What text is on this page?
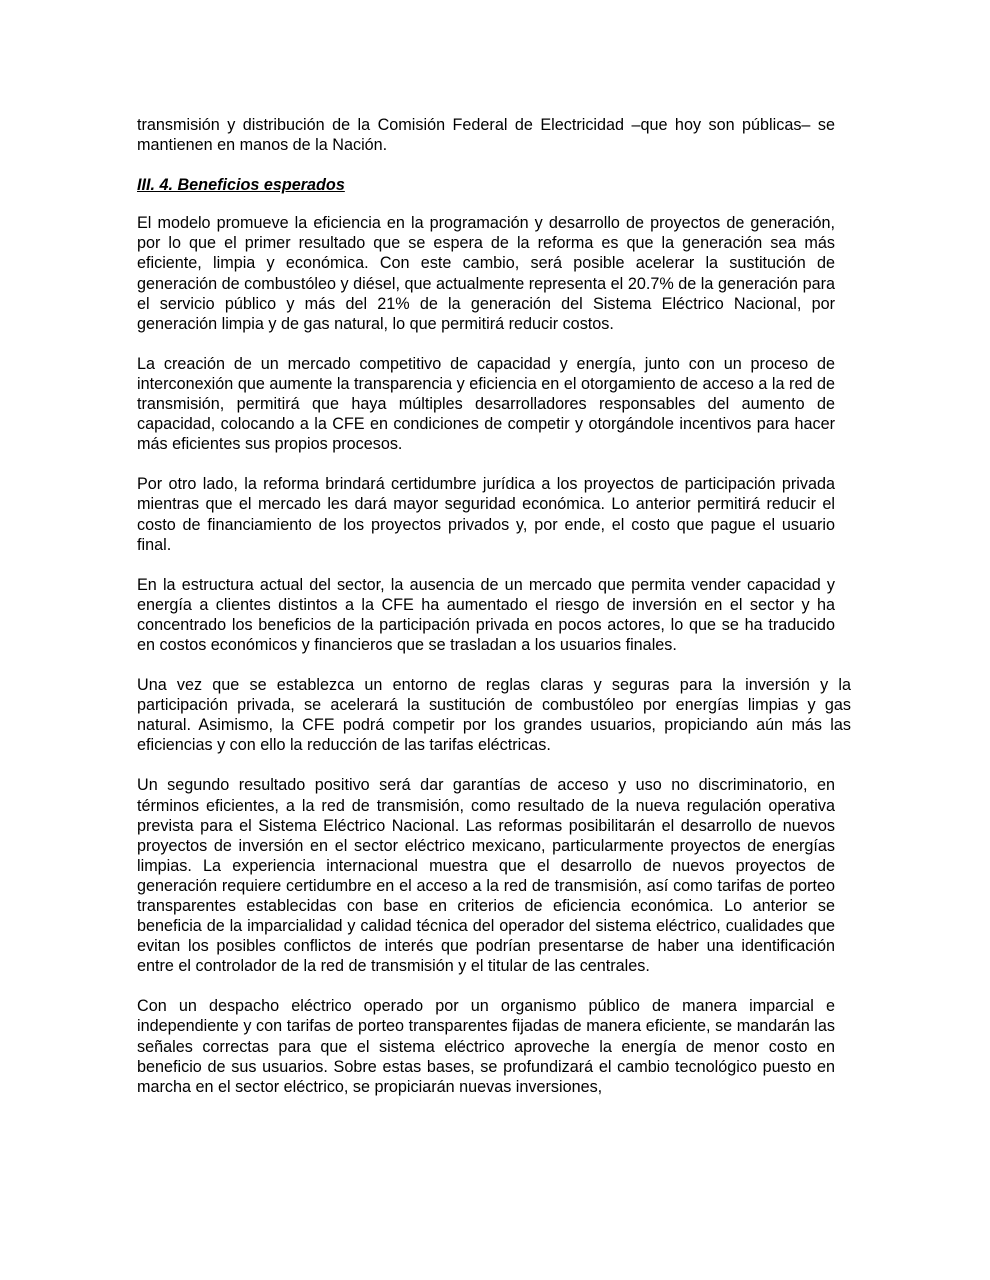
transmisión y distribución de la Comisión Federal de Electricidad –que hoy son públicas– se mantienen en manos de la Nación.

III. 4. Beneficios esperados

El modelo promueve la eficiencia en la programación y desarrollo de proyectos de generación, por lo que el primer resultado que se espera de la reforma es que la generación sea más eficiente, limpia y económica. Con este cambio, será posible acelerar la sustitución de generación de combustóleo y diésel, que actualmente representa el 20.7% de la generación para el servicio público y más del 21% de la generación del Sistema Eléctrico Nacional, por generación limpia y de gas natural, lo que permitirá reducir costos.

La creación de un mercado competitivo de capacidad y energía, junto con un proceso de interconexión que aumente la transparencia y eficiencia en el otorgamiento de acceso a la red de transmisión, permitirá que haya múltiples desarrolladores responsables del aumento de capacidad, colocando a la CFE en condiciones de competir y otorgándole incentivos para hacer más eficientes sus propios procesos.

Por otro lado, la reforma brindará certidumbre jurídica a los proyectos de participación privada mientras que el mercado les dará mayor seguridad económica. Lo anterior permitirá reducir el costo de financiamiento de los proyectos privados y, por ende, el costo que pague el usuario final.

En la estructura actual del sector, la ausencia de un mercado que permita vender capacidad y energía a clientes distintos a la CFE ha aumentado el riesgo de inversión en el sector y ha concentrado los beneficios de la participación privada en pocos actores, lo que se ha traducido en costos económicos y financieros que se trasladan a los usuarios finales.

Una vez que se establezca un entorno de reglas claras y seguras para la inversión y la participación privada, se acelerará la sustitución de combustóleo por energías limpias y gas natural. Asimismo, la CFE podrá competir por los grandes usuarios, propiciando aún más las eficiencias y con ello la reducción de las tarifas eléctricas.

Un segundo resultado positivo será dar garantías de acceso y uso no discriminatorio, en términos eficientes, a la red de transmisión, como resultado de la nueva regulación operativa prevista para el Sistema Eléctrico Nacional. Las reformas posibilitarán el desarrollo de nuevos proyectos de inversión en el sector eléctrico mexicano, particularmente proyectos de energías limpias. La experiencia internacional muestra que el desarrollo de nuevos proyectos de generación requiere certidumbre en el acceso a la red de transmisión, así como tarifas de porteo transparentes establecidas con base en criterios de eficiencia económica. Lo anterior se beneficia de la imparcialidad y calidad técnica del operador del sistema eléctrico, cualidades que evitan los posibles conflictos de interés que podrían presentarse de haber una identificación entre el controlador de la red de transmisión y el titular de las centrales.

Con un despacho eléctrico operado por un organismo público de manera imparcial e independiente y con tarifas de porteo transparentes fijadas de manera eficiente, se mandarán las señales correctas para que el sistema eléctrico aproveche la energía de menor costo en beneficio de sus usuarios. Sobre estas bases, se profundizará el cambio tecnológico puesto en marcha en el sector eléctrico, se propiciarán nuevas inversiones,
